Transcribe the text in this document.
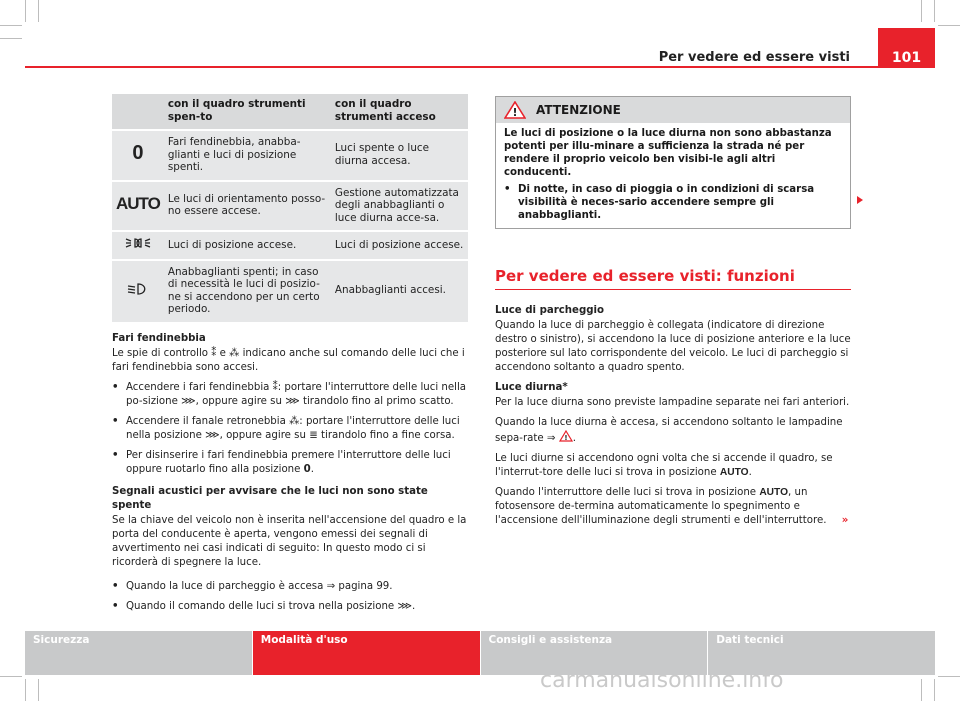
Per vedere ed essere visti	101
	con il quadro strumenti spen-to	con il quadro strumenti acceso
0	Fari fendinebbia, anabba-glianti e luci di posizione spenti.	Luci spente o luce diurna accesa.
AUTO	Le luci di orientamento posso-no essere accese.	Gestione automatizzata degli anabbaglianti o luce diurna acce-sa.
	Luci di posizione accese.	Luci di posizione accese.
	Anabbaglianti spenti; in caso di necessità le luci di posizio-ne si accendono per un certo periodo.	Anabbaglianti accesi.

Fari fendinebbia

Le spie di controllo ⁑ e ⁂ indicano anche sul comando delle luci che i fari fendinebbia sono accesi.

• Accendere i fari fendinebbia ⁑: portare l'interruttore delle luci nella po-sizione ⋙, oppure agire su ⋙ tirandolo fino al primo scatto.
• Accendere il fanale retronebbia ⁂: portare l'interruttore delle luci nella posizione ⋙, oppure agire su ≣ tirandolo fino a fine corsa.
• Per disinserire i fari fendinebbia premere l'interruttore delle luci oppure ruotarlo fino alla posizione 0.

Segnali acustici per avvisare che le luci non sono state spente

Se la chiave del veicolo non è inserita nell'accensione del quadro e la porta del conducente è aperta, vengono emessi dei segnali di avvertimento nei casi indicati di seguito: In questo modo ci si ricorderà di spegnere la luce.

• Quando la luce di parcheggio è accesa ⇒ pagina 99.
• Quando il comando delle luci si trova nella posizione ⋙.
! ATTENZIONE

Le luci di posizione o la luce diurna non sono abbastanza potenti per illu-minare a sufficienza la strada né per rendere il proprio veicolo ben visibi-le agli altri conducenti.

• Di notte, in caso di pioggia o in condizioni di scarsa visibilità è neces-sario accendere sempre gli anabbaglianti.
Per vedere ed essere visti: funzioni

Luce di parcheggio

Quando la luce di parcheggio è collegata (indicatore di direzione destro o sinistro), si accendono la luce di posizione anteriore e la luce posteriore sul lato corrispondente del veicolo. Le luci di parcheggio si accendono soltanto a quadro spento.

Luce diurna*

Per la luce diurna sono previste lampadine separate nei fari anteriori.

Quando la luce diurna è accesa, si accendono soltanto le lampadine sepa-rate ⇒ ! .

Le luci diurne si accendono ogni volta che si accende il quadro, se l'interrut-tore delle luci si trova in posizione AUTO.

Quando l'interruttore delle luci si trova in posizione AUTO, un fotosensore de-termina automaticamente lo spegnimento e l'accensione dell'illuminazione degli strumenti e dell'interruttore. »

Sicurezza	Modalità d'uso	Consigli e assistenza	Dati tecnici
carmanualsonline.info
